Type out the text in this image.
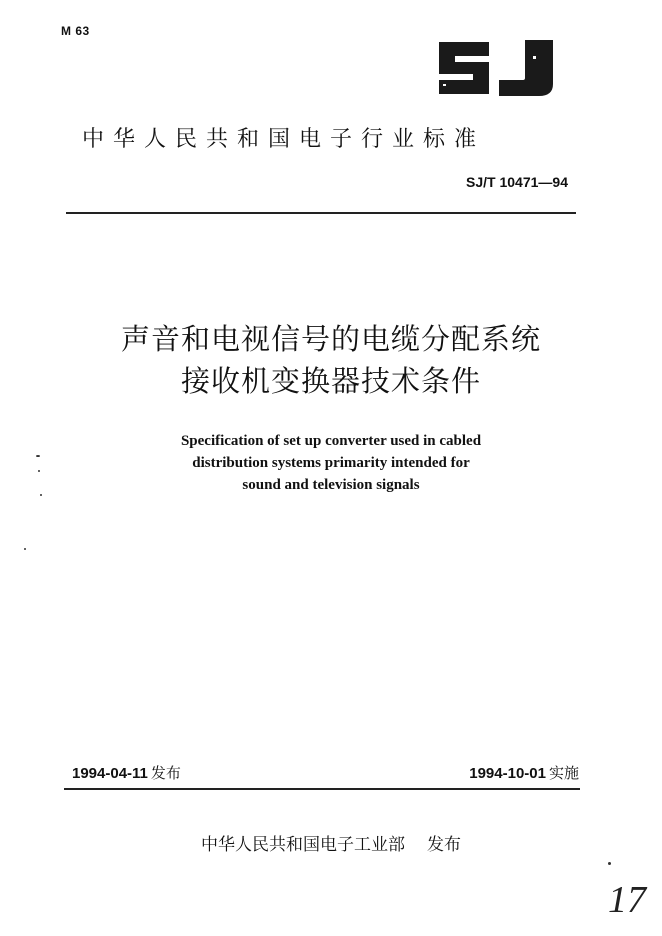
M 63
中华人民共和国电子行业标准
SJ/T 10471—94
声音和电视信号的电缆分配系统
接收机变换器技术条件
Specification of set up converter used in cabled
distribution systems primarity intended for
sound and television signals
1994-04-11 发布	1994-10-01 实施
中华人民共和国电子工业部 发布
17
